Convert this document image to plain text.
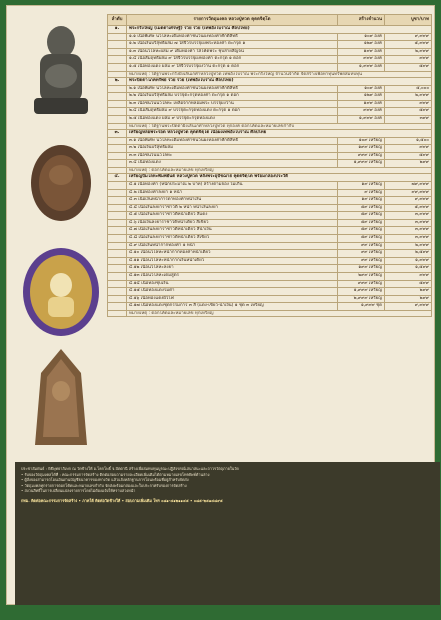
ลำดับ	รายการวัตถุมงคล หลวงปู่ทวด คุตตจิตฺโต	สร้างจำนวน	บูชา/บาท
๑.	พระกริ่งใหญ่ (เมตตาเศรษฐี) รวย รวย (เทพอังโบราณ ศิลปไทย)		
	๑.๑ เนื้อพิเศษ นวโลหะเติมทองคำชนวนผงทองคำศักดิ์สิทธิ์	๑๐๙ องค์	๙,๙๙๙
	๑.๒ เนื้อเงินบริสุทธิ์ผสม ๗ ใส่จีวรบรรจุผงพระทองคำ ตะกรุด ๑	๑๒๙ องค์	๕,๙๙๙
	๑.๓ เนื้อนวโลหะผสม ๙ เติมทองคำ ใส่โค้ดพระ ชุบสายสิญจน์	๑๙๙ องค์	๒,๙๙๙
	๑.๔ เนื้อสัมฤทธิ์ผสม ๙ ใส่จีวรบรรจุผงทองคำ ตะกรุด ๑ ดอก	๙๙๙ องค์	๙๙๙
	๑.๕ เนื้อทองแดง ผสม ๙ ใส่จีวรบรรจุผงว่าน ตะกรุด ๑ ดอก	๑,๙๙๙ องค์	๕๙๙
	หมายเหตุ : ใต้ฐานพระกริ่งฝังเส้นเกศาหลวงปู่ทวด เทพอังโบราณ พระกริ่งใหญ่ จำนวนจำกัด จัดสร้างเพื่อหาทุนทรัพย์สมทบทุน		
๒.	พระปิดตาโภคทรัพย์ รวย รวย (เทพอังโบราณ ศิลปไทย)		
	๒.๑ เนื้อพิเศษ นวโลหะเติมทองคำชนวนผงทองคำศักดิ์สิทธิ์	๑๐๙ องค์	๕,๐๐๐
	๒.๒ เนื้อเงินบริสุทธิ์ผสม บรรจุตะกรุดทองคำ ตะกรุด ๑ ดอก	๑๒๙ องค์	๒,๙๙๙
	๒.๓ เนื้อชนวนนวโลหะ เหลือจากหลอมพระ บรรจุผงว่าน	๑๙๙ องค์	๙๙๙
	๒.๔ เนื้อสัมฤทธิ์ผสม ๙ บรรจุตะกรุดทองแดง ตะกรุด ๑ ดอก	๙๙๙ องค์	๕๙๙
	๒.๕ เนื้อทองแดง ผสม ๙ บรรจุตะกรุดทองแดง	๑,๙๙๙ องค์	๓๙๙
	หมายเหตุ : ใต้ฐานพระปิดตาฝังเส้นเกศาหลวงปู่ทวด ทุกองค์ ตอกโค้ดและหมายเลขกำกับ		
๓.	เหรียญหล่อพระรอด หลวงปู่ทวด คุตตจิตฺโต เนื้อผงเทพอังโบราณ ศิลปไทย		
	๓.๑ เนื้อพิเศษ นวโลหะเติมทองคำชนวนผงทองคำศักดิ์สิทธิ์	๑๐๙ เหรียญ	๑,๕๐๐
	๓.๒ เนื้อเงินบริสุทธิ์ผสม	๑๙๙ เหรียญ	๙๙๙
	๓.๓ เนื้อชนวนนวโลหะ	๙๙๙ เหรียญ	๕๙๙
	๓.๔ เนื้อทองแดง	๑,๙๙๙ เหรียญ	๒๙๙
	หมายเหตุ : ตอกโค้ดและหมายเลข ทุกเหรียญ		
๔.	เหรียญปั๊มโลหะพิมพ์ยันต์ หลวงปู่ทวด หลังพระอุปัชฌาย์ คุตตจิตฺโต พร้อมกล่องประวัติ		
	๔.๑ เนื้อทองคำ (หนักประมาณ ๒ บาท) สร้างตามจอง ไม่เกิน	๑๙ เหรียญ	๗๙,๙๙๙
	๔.๒ เนื้อทองคำลงยา ๑ หน้า	๙ เหรียญ	๙๙,๙๙๙
	๔.๓ เนื้อเงินหน้าการดาทองคำหน้าเงิน	๑๙ เหรียญ	๙,๙๙๙
	๔.๔ เนื้อเงินลงยาราชาวดี ๒ หน้า หน้าเงินลงยา	๕๙ เหรียญ	๕,๙๙๙
	๔.๕ เนื้อเงินลงยาราชาวดีหน้าเดียว สีแดง	๕๙ เหรียญ	๓,๙๙๙
	๔.๖ เนื้อเงินลงยาราชาวดีหน้าเดียว สีเขียว	๕๙ เหรียญ	๓,๙๙๙
	๔.๗ เนื้อเงินลงยาราชาวดีหน้าเดียว สีน้ำเงิน	๕๙ เหรียญ	๓,๙๙๙
	๔.๘ เนื้อเงินลงยาราชาวดีหน้าเดียว สีเขียว	๕๙ เหรียญ	๓,๙๙๙
	๔.๙ เนื้อเงินหน้ากากทองคำ ๑ หน้า	๙๙ เหรียญ	๒,๙๙๙
	๔.๑๐ เนื้อนวโลหะหน้ากากทองคำหน้าเดียว	๙๙ เหรียญ	๒,๕๙๙
	๔.๑๑ เนื้อนวโลหะหน้ากากเงินหน้าเดียว	๙๙ เหรียญ	๑,๙๙๙
	๔.๑๒ เนื้อนวโลหะลงยา	๑๙๙ เหรียญ	๑,๕๙๙
	๔.๑๓ เนื้อนวโลหะเต็มสูตร	๒๙๙ เหรียญ	๙๙๙
	๔.๑๔ เนื้อทองชุบเงิน	๙๙๙ เหรียญ	๕๙๙
	๔.๑๕ เนื้อทองแดงรมดำ	๑,๙๙๙ เหรียญ	๒๙๙
	๔.๑๖ เนื้อทองแดงผิวไฟ	๒,๙๙๙ เหรียญ	๒๙๙
	๔.๑๗ เนื้อทองแดงชุดกรรมการ ๓ สี (แดง-เขียว-น้ำเงิน) ๑ ชุด ๓ เหรียญ	๑,๙๙๙ ชุด	๙,๙๙๙
	หมายเหตุ : ตอกโค้ดและหมายเลข ทุกเหรียญ		
ประชาสัมพันธ์ : พิธีพุทธาภิเษก ณ วัดช้างให้ อ.โคกโพธิ์ จ.ปัตตานี สร้างเพื่อสมทบทุนบูรณะปฏิสังขรณ์เสนาสนะและถาวรวัตถุภายในวัด
• รับจองวัตถุมงคลได้ที่ : คณะกรรมการจัดสร้าง ติดต่อสอบถามรายละเอียดเพิ่มเติมได้ตามหมายเลขโทรศัพท์ด้านล่าง
• ผู้สั่งจองสามารถโอนเงินผ่านบัญชีธนาคารของทางวัด แล้วแจ้งหลักฐานการโอนพร้อมที่อยู่สำหรับจัดส่ง
• วัตถุมงคลทุกรายการตอกโค้ดและหมายเลขกำกับ จัดส่งพร้อมกล่องและใบประกาศรับรองการจัดสร้าง
• สงวนสิทธิ์ในการเปลี่ยนแปลงรายการโดยไม่ต้องแจ้งให้ทราบล่วงหน้า
กทม. ติดต่อคณะกรรมการจัดสร้าง • ภาคใต้ ติดต่อวัดช้างให้ • สอบถามเพิ่มเติม โทร ๐๘๑-๔๑๒๑๑๔๕ • ๐๘๕-๒๕๑๔๘๙๕
